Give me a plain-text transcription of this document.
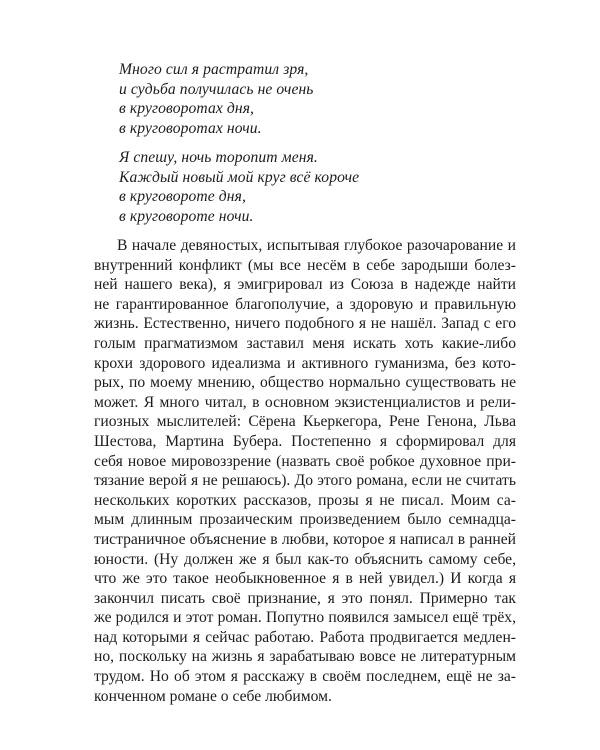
Много сил я растратил зря,
и судьба получилась не очень
в круговоротах дня,
в круговоротах ночи.
Я спешу, ночь торопит меня.
Каждый новый мой круг всё короче
в круговороте дня,
в круговороте ночи.
В начале девяностых, испытывая глубокое разочарование и
внутренний конфликт (мы все несём в себе зародыши болез-
ней нашего века), я эмигрировал из Союза в надежде найти
не гарантированное благополучие, а здоровую и правильную
жизнь. Естественно, ничего подобного я не нашёл. Запад с его
голым прагматизмом заставил меня искать хоть какие-либо
крохи здорового идеализма и активного гуманизма, без кото-
рых, по моему мнению, общество нормально существовать не
может. Я много читал, в основном экзистенциалистов и рели-
гиозных мыслителей: Сёрена Кьеркегора, Рене Генона, Льва
Шестова, Мартина Бубера. Постепенно я сформировал для
себя новое мировоззрение (назвать своё робкое духовное при-
тязание верой я не решаюсь). До этого романа, если не считать
нескольких коротких рассказов, прозы я не писал. Моим са-
мым длинным прозаическим произведением было семнадца-
тистраничное объяснение в любви, которое я написал в ранней
юности. (Ну должен же я был как-то объяснить самому себе,
что же это такое необыкновенное я в ней увидел.) И когда я
закончил писать своё признание, я это понял. Примерно так
же родился и этот роман. Попутно появился замысел ещё трёх,
над которыми я сейчас работаю. Работа продвигается медлен-
но, поскольку на жизнь я зарабатываю вовсе не литературным
трудом. Но об этом я расскажу в своём последнем, ещё не за-
конченном романе о себе любимом.
